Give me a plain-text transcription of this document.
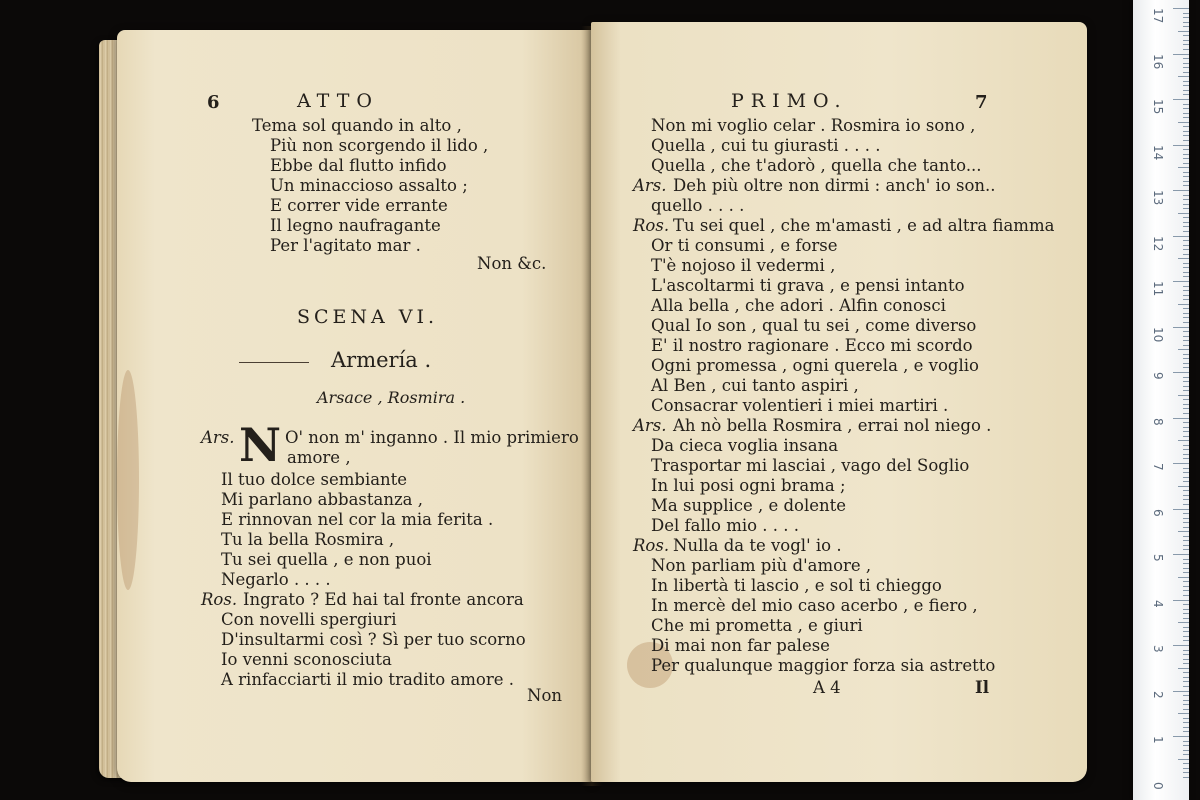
6	ATTO
Tema sol quando in alto ,
Più non scorgendo il lido ,
Ebbe dal flutto infido
Un minaccioso assalto ;
E correr vide errante
Il legno naufragante
Per l'agitato mar .
Non &c.
SCENA VI.
Armería .
Arsace , Rosmira .
Ars. N O' non m' inganno . Il mio primiero
amore ,
Il tuo dolce sembiante
Mi parlano abbastanza ,
E rinnovan nel cor la mia ferita .
Tu la bella Rosmira ,
Tu sei quella , e non puoi
Negarlo . . . .
Ros. Ingrato ? Ed hai tal fronte ancora
Con novelli spergiuri
D'insultarmi così ? Sì per tuo scorno
Io venni sconosciuta
A rinfacciarti il mio tradito amore .
Non
PRIMO.	7
Non mi voglio celar . Rosmira io sono ,
Quella , cui tu giurasti . . . .
Quella , che t'adorò , quella che tanto...
Ars. Deh più oltre non dirmi : anch' io son..
quello . . . .
Ros. Tu sei quel , che m'amasti , e ad altra fiamma
Or ti consumi , e forse
T'è nojoso il vedermi ,
L'ascoltarmi ti grava , e pensi intanto
Alla bella , che adori . Alfin conosci
Qual Io son , qual tu sei , come diverso
E' il nostro ragionare . Ecco mi scordo
Ogni promessa , ogni querela , e voglio
Al Ben , cui tanto aspiri ,
Consacrar volentieri i miei martiri .
Ars. Ah nò bella Rosmira , errai nol niego .
Da cieca voglia insana
Trasportar mi lasciai , vago del Soglio
In lui posi ogni brama ;
Ma supplice , e dolente
Del fallo mio . . . .
Ros. Nulla da te vogl' io .
Non parliam più d'amore ,
In libertà ti lascio , e sol ti chieggo
In mercè del mio caso acerbo , e fiero ,
Che mi prometta , e giuri
Di mai non far palese
Per qualunque maggior forza sia astretto
A 4	Il
17
16
15
14
13
12
11
10
9
8
7
6
5
4
3
2
1
0
